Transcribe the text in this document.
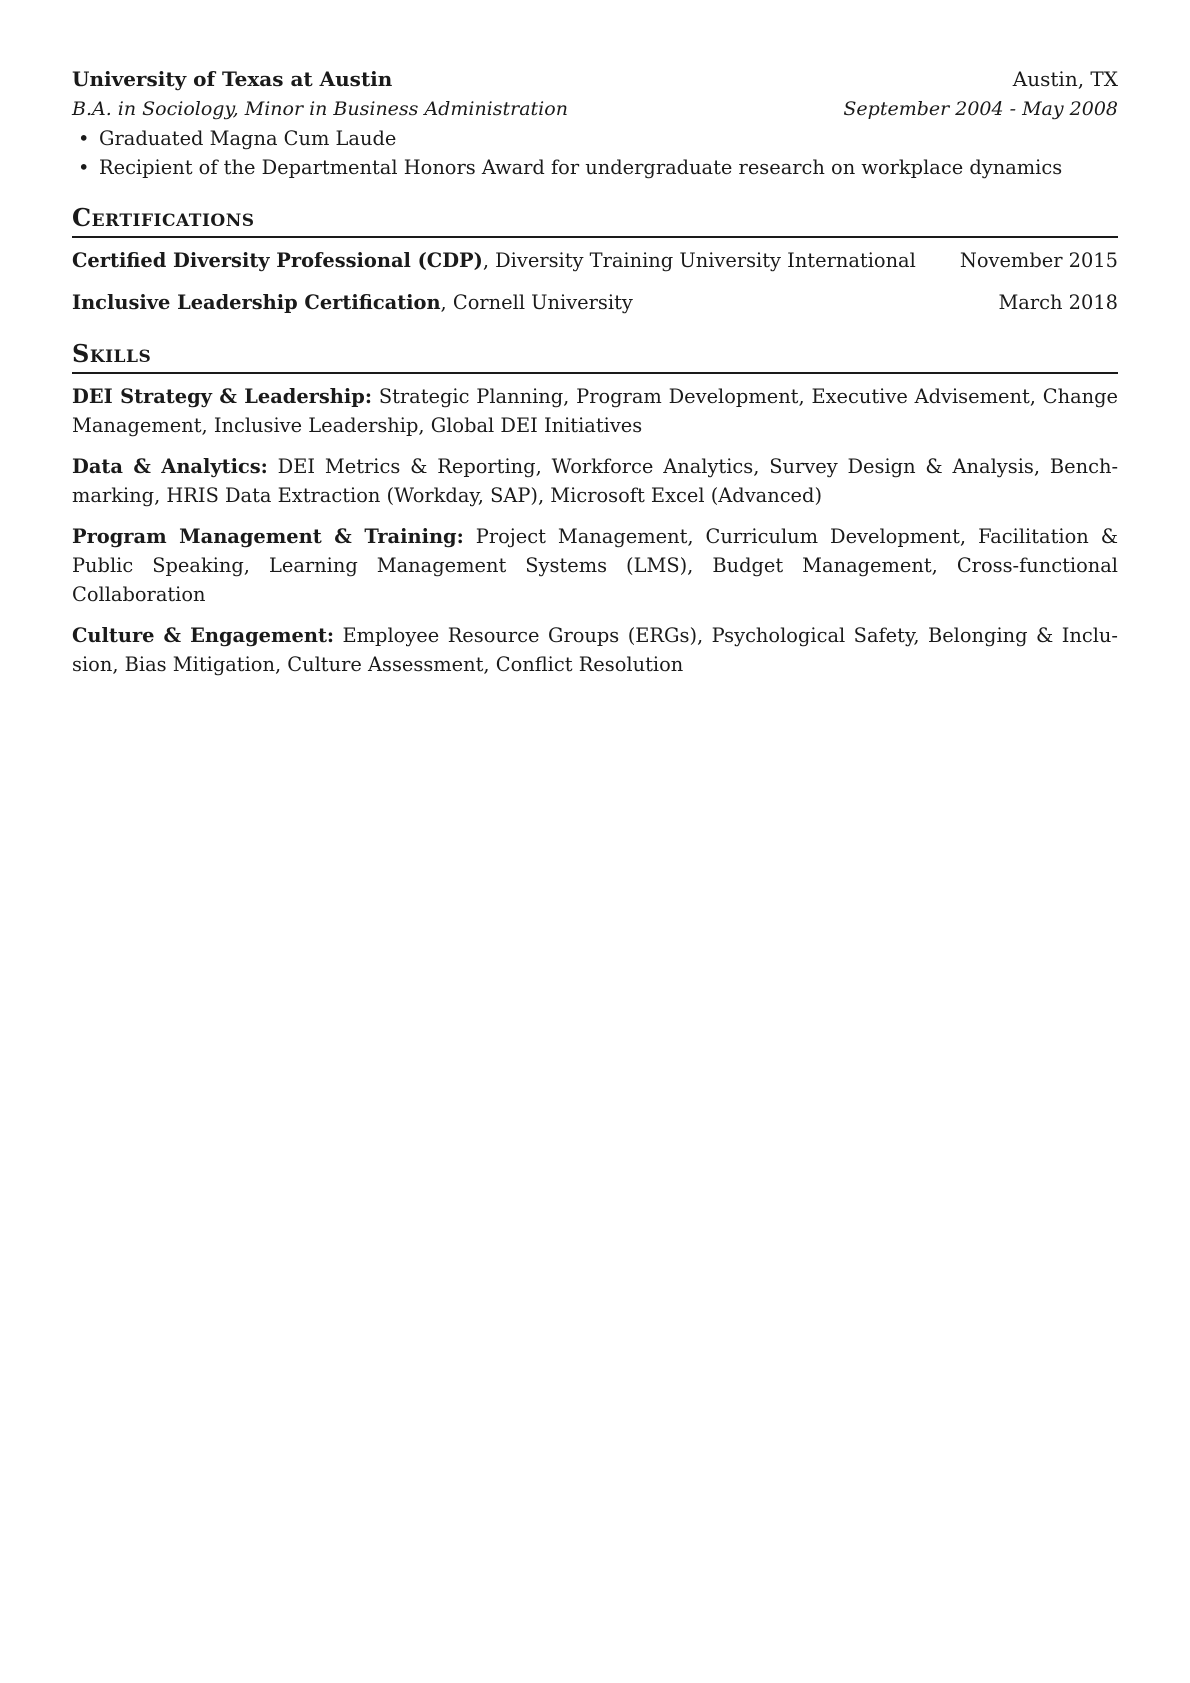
University of Texas at Austin	Austin, TX
B.A. in Sociology, Minor in Business Administration	September 2004 - May 2008
• Graduated Magna Cum Laude
• Recipient of the Departmental Honors Award for undergraduate research on workplace dynamics
Certifications
Certified Diversity Professional (CDP), Diversity Training University International November 2015
Inclusive Leadership Certification, Cornell University	March 2018
Skills
DEI Strategy & Leadership: Strategic Planning, Program Development, Executive Advisement, Change Management, Inclusive Leadership, Global DEI Initiatives
Data & Analytics: DEI Metrics & Reporting, Workforce Analytics, Survey Design & Analysis, Benchmarking, HRIS Data Extraction (Workday, SAP), Microsoft Excel (Advanced)
Program Management & Training: Project Management, Curriculum Development, Facilitation & Public Speaking, Learning Management Systems (LMS), Budget Management, Cross-functional Collaboration
Culture & Engagement: Employee Resource Groups (ERGs), Psychological Safety, Belonging & Inclusion, Bias Mitigation, Culture Assessment, Conflict Resolution
